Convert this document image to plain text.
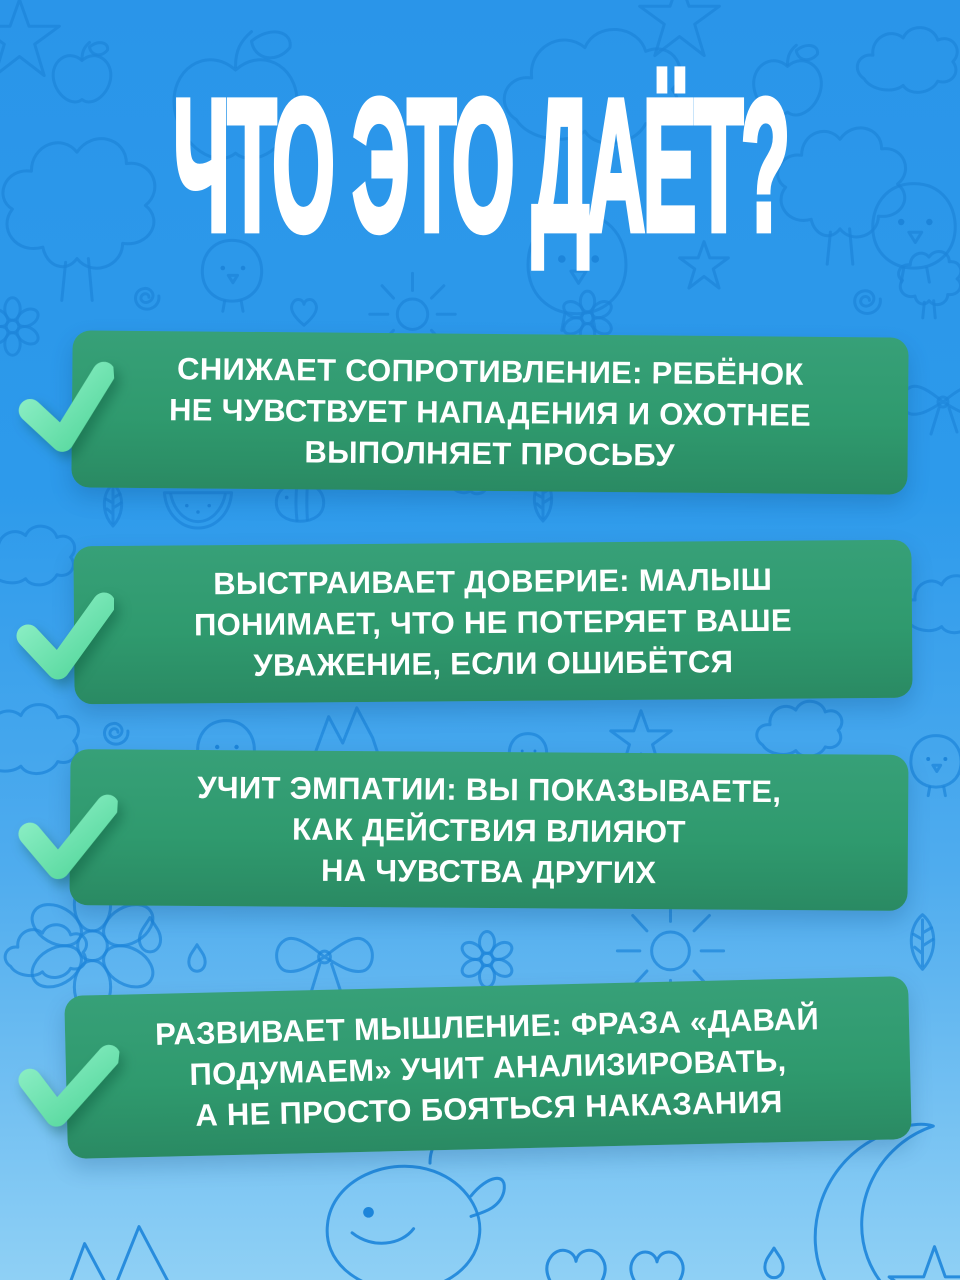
ЧТО ЭТО ДАЁТ?
СНИЖАЕТ СОПРОТИВЛЕНИЕ: РЕБЁНОК
НЕ ЧУВСТВУЕТ НАПАДЕНИЯ И ОХОТНЕЕ
ВЫПОЛНЯЕТ ПРОСЬБУ
ВЫСТРАИВАЕТ ДОВЕРИЕ: МАЛЫШ
ПОНИМАЕТ, ЧТО НЕ ПОТЕРЯЕТ ВАШЕ
УВАЖЕНИЕ, ЕСЛИ ОШИБЁТСЯ
УЧИТ ЭМПАТИИ: ВЫ ПОКАЗЫВАЕТЕ,
КАК ДЕЙСТВИЯ ВЛИЯЮТ
НА ЧУВСТВА ДРУГИХ
РАЗВИВАЕТ МЫШЛЕНИЕ: ФРАЗА «ДАВАЙ
ПОДУМАЕМ» УЧИТ АНАЛИЗИРОВАТЬ,
А НЕ ПРОСТО БОЯТЬСЯ НАКАЗАНИЯ
